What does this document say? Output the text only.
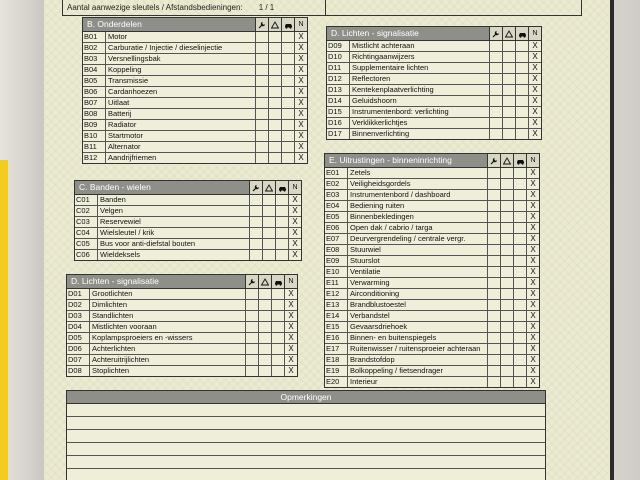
Aantal aanwezige sleutels / Afstandsbedieningen: 1 / 1
B. Onderdelen	N
B01	Motor	X
B02	Carburatie / Injectie / dieselinjectie	X
B03	Versnellingsbak	X
B04	Koppeling	X
B05	Transmissie	X
B06	Cardanhoezen	X
B07	Uitlaat	X
B08	Batterij	X
B09	Radiator	X
B10	Startmotor	X
B11	Alternator	X
B12	Aandrijfriemen	X
C. Banden - wielen	N
C01	Banden	X
C02	Velgen	X
C03	Reservewiel	X
C04	Wielsleutel / krik	X
C05	Bus voor anti-diefstal bouten	X
C06	Wieldeksels	X
D. Lichten - signalisatie	N
D01	Grootlichten	X
D02	Dimlichten	X
D03	Standlichten	X
D04	Mistlichten vooraan	X
D05	Koplampsproeiers en -wissers	X
D06	Achterlichten	X
D07	Achteruitrijlichten	X
D08	Stoplichten	X
D. Lichten - signalisatie	N
D09	Mistlicht achteraan	X
D10	Richtingaanwijzers	X
D11	Supplementaire lichten	X
D12	Reflectoren	X
D13	Kentekenplaatverlichting	X
D14	Geluidshoorn	X
D15	Instrumentenbord: verlichting	X
D16	Verklikkerlichtjes	X
D17	Binnenverlichting	X
E. Uitrustingen - binneninrichting	N
E01	Zetels	X
E02	Veiligheidsgordels	X
E03	Instrumentenbord / dashboard	X
E04	Bediening ruiten	X
E05	Binnenbekledingen	X
E06	Open dak / cabrio / targa	X
E07	Deurvergrendeling / centrale vergr.	X
E08	Stuurwiel	X
E09	Stuurslot	X
E10	Ventilatie	X
E11	Verwarming	X
E12	Airconditioning	X
E13	Brandblustoestel	X
E14	Verbandstel	X
E15	Gevaarsdriehoek	X
E16	Binnen- en buitenspiegels	X
E17	Ruitenwisser / ruitensproeier achteraan	X
E18	Brandstofdop	X
E19	Bolkoppeling / fietsendrager	X
E20	Interieur	X
Opmerkingen
